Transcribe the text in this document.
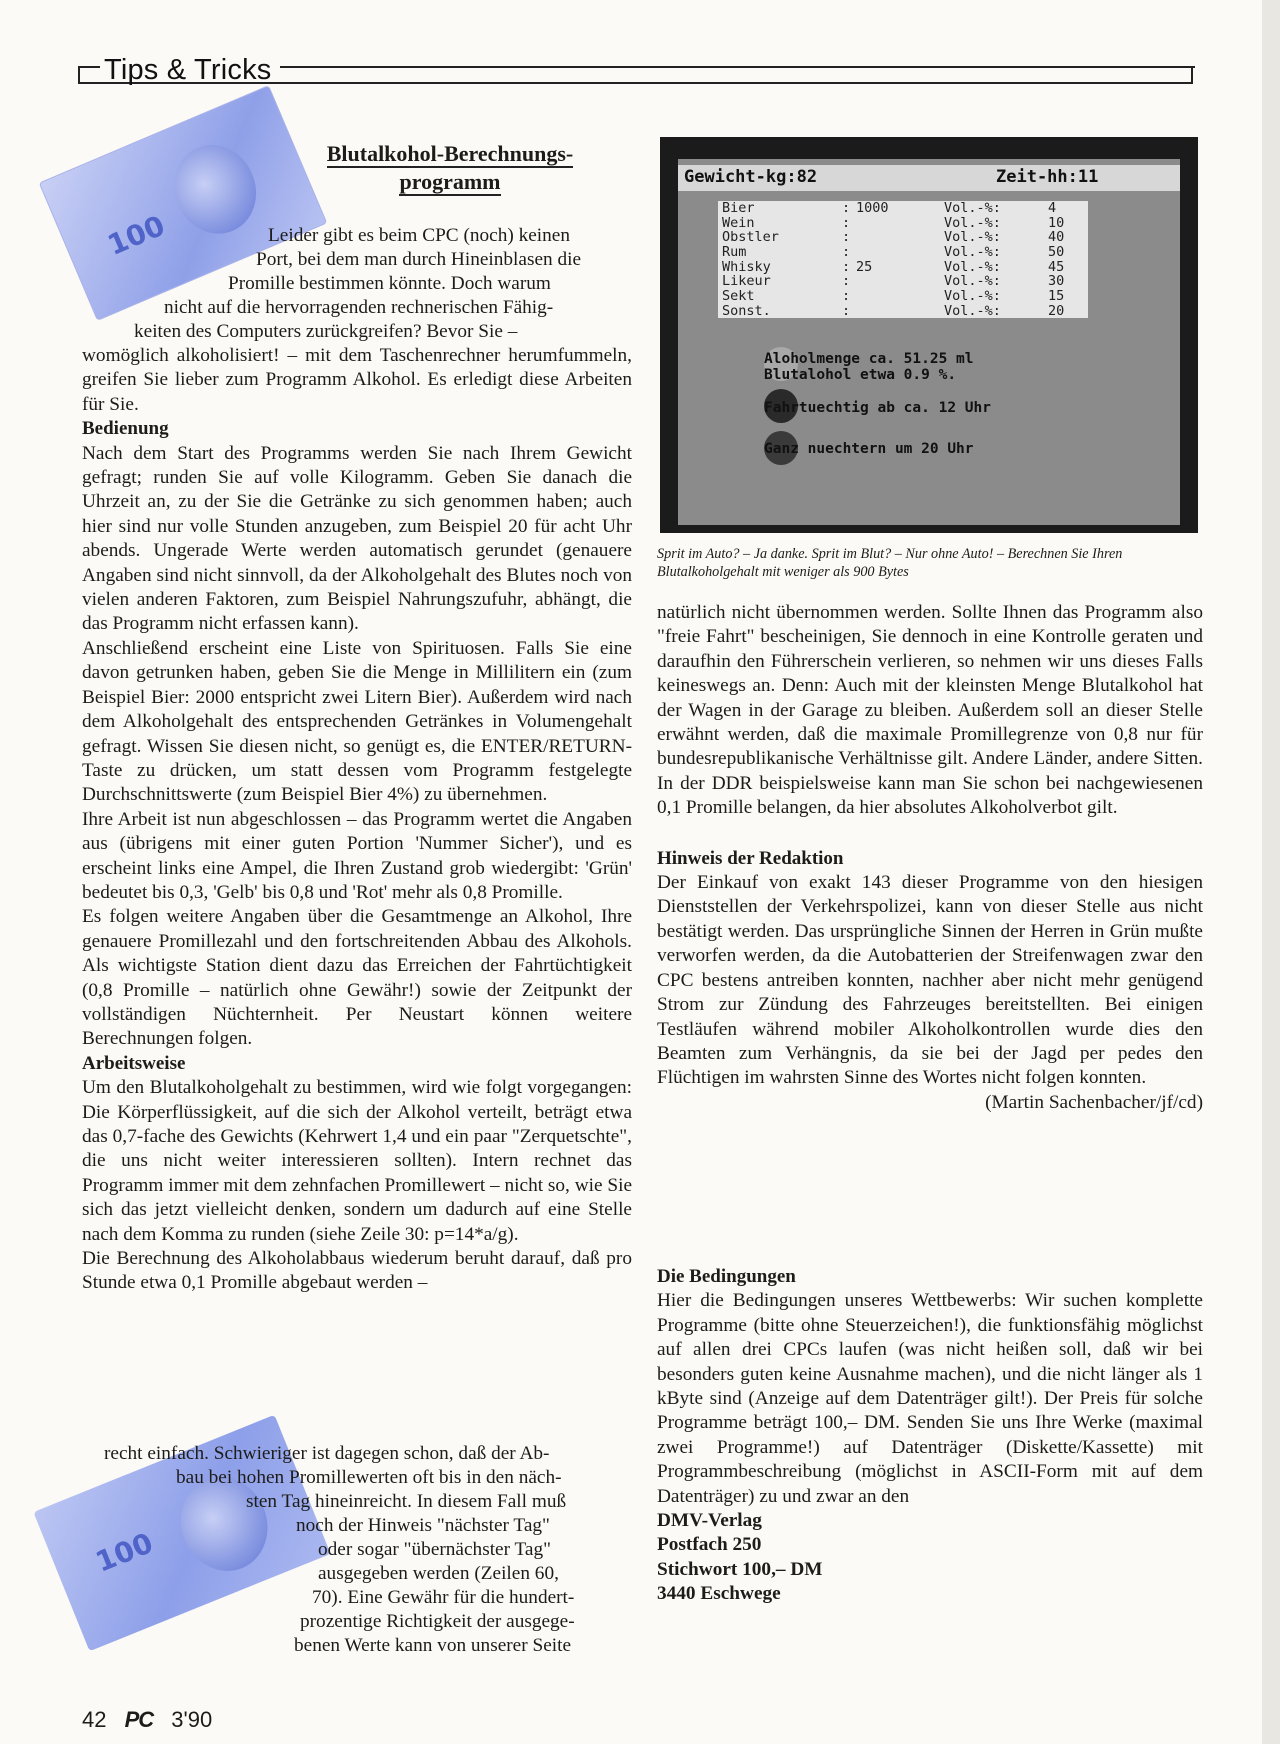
Tips & Tricks
100
100
Blutalkohol-Berechnungs-
programm
Leider gibt es beim CPC (noch) keinen
Port, bei dem man durch Hineinblasen die
Promille bestimmen könnte. Doch warum
nicht auf die hervorragenden rechnerischen Fähig-
keiten des Computers zurückgreifen? Bevor Sie –

womöglich alkoholisiert! – mit dem Taschenrechner herumfummeln, greifen Sie lieber zum Programm Alkohol. Es erledigt diese Arbeiten für Sie.

Bedienung

Nach dem Start des Programms werden Sie nach Ihrem Gewicht gefragt; runden Sie auf volle Kilogramm. Geben Sie danach die Uhrzeit an, zu der Sie die Getränke zu sich genommen haben; auch hier sind nur volle Stunden anzugeben, zum Beispiel 20 für acht Uhr abends. Ungerade Werte werden automatisch gerundet (genauere Angaben sind nicht sinnvoll, da der Alkoholgehalt des Blutes noch von vielen anderen Faktoren, zum Beispiel Nahrungszufuhr, abhängt, die das Programm nicht erfassen kann).

Anschließend erscheint eine Liste von Spirituosen. Falls Sie eine davon getrunken haben, geben Sie die Menge in Millilitern ein (zum Beispiel Bier: 2000 entspricht zwei Litern Bier). Außerdem wird nach dem Alkoholgehalt des entsprechenden Getränkes in Volumengehalt gefragt. Wissen Sie diesen nicht, so genügt es, die ENTER/RETURN-Taste zu drücken, um statt dessen vom Programm festgelegte Durchschnittswerte (zum Beispiel Bier 4%) zu übernehmen.

Ihre Arbeit ist nun abgeschlossen – das Programm wertet die Angaben aus (übrigens mit einer guten Portion 'Nummer Sicher'), und es erscheint links eine Ampel, die Ihren Zustand grob wiedergibt: 'Grün' bedeutet bis 0,3, 'Gelb' bis 0,8 und 'Rot' mehr als 0,8 Promille.

Es folgen weitere Angaben über die Gesamtmenge an Alkohol, Ihre genauere Promillezahl und den fortschreitenden Abbau des Alkohols. Als wichtigste Station dient dazu das Erreichen der Fahrtüchtigkeit (0,8 Promille – natürlich ohne Gewähr!) sowie der Zeitpunkt der vollständigen Nüchternheit. Per Neustart können weitere Berechnungen folgen.

Arbeitsweise

Um den Blutalkoholgehalt zu bestimmen, wird wie folgt vorgegangen: Die Körperflüssigkeit, auf die sich der Alkohol verteilt, beträgt etwa das 0,7-fache des Gewichts (Kehrwert 1,4 und ein paar "Zerquetschte", die uns nicht weiter interessieren sollten). Intern rechnet das Programm immer mit dem zehnfachen Promillewert – nicht so, wie Sie sich das jetzt vielleicht denken, sondern um dadurch auf eine Stelle nach dem Komma zu runden (siehe Zeile 30: p=14*a/g).

Die Berechnung des Alkoholabbaus wiederum beruht darauf, daß pro Stunde etwa 0,1 Promille abgebaut werden –

recht einfach. Schwieriger ist dagegen schon, daß der Ab-
bau bei hohen Promillewerten oft bis in den näch-
sten Tag hineinreicht. In diesem Fall muß
noch der Hinweis "nächster Tag"
oder sogar "übernächster Tag"
ausgegeben werden (Zeilen 60,
70). Eine Gewähr für die hundert-
prozentige Richtigkeit der ausgege-
benen Werte kann von unserer Seite
Gewicht-kg:82	Zeit-hh:11
Bier	: 1000	Vol.-%:	4
Wein	:	Vol.-%:	10
Obstler	:	Vol.-%:	40
Rum	:	Vol.-%:	50
Whisky	: 25	Vol.-%:	45
Likeur	:	Vol.-%:	30
Sekt	:	Vol.-%:	15
Sonst.	:	Vol.-%:	20
Aloholmenge ca. 51.25 ml
Blutalohol etwa 0.9 %.
Fahrtuechtig ab ca. 12 Uhr
Ganz nuechtern um 20 Uhr
Sprit im Auto? – Ja danke. Sprit im Blut? – Nur ohne Auto! – Berechnen Sie Ihren Blutalkoholgehalt mit weniger als 900 Bytes

natürlich nicht übernommen werden. Sollte Ihnen das Programm also "freie Fahrt" bescheinigen, Sie dennoch in eine Kontrolle geraten und daraufhin den Führerschein verlieren, so nehmen wir uns dieses Falls keineswegs an. Denn: Auch mit der kleinsten Menge Blutalkohol hat der Wagen in der Garage zu bleiben. Außerdem soll an dieser Stelle erwähnt werden, daß die maximale Promillegrenze von 0,8 nur für bundesrepublikanische Verhältnisse gilt. Andere Länder, andere Sitten. In der DDR beispielsweise kann man Sie schon bei nachgewiesenen 0,1 Promille belangen, da hier absolutes Alkoholverbot gilt.

Hinweis der Redaktion

Der Einkauf von exakt 143 dieser Programme von den hiesigen Dienststellen der Verkehrspolizei, kann von dieser Stelle aus nicht bestätigt werden. Das ursprüngliche Sinnen der Herren in Grün mußte verworfen werden, da die Autobatterien der Streifenwagen zwar den CPC bestens antreiben konnten, nachher aber nicht mehr genügend Strom zur Zündung des Fahrzeuges bereitstellten. Bei einigen Testläufen während mobiler Alkoholkontrollen wurde dies den Beamten zum Verhängnis, da sie bei der Jagd per pedes den Flüchtigen im wahrsten Sinne des Wortes nicht folgen konnten.

(Martin Sachenbacher/jf/cd)

Die Bedingungen

Hier die Bedingungen unseres Wettbewerbs: Wir suchen komplette Programme (bitte ohne Steuerzeichen!), die funktionsfähig möglichst auf allen drei CPCs laufen (was nicht heißen soll, daß wir bei besonders guten keine Ausnahme machen), und die nicht länger als 1 kByte sind (Anzeige auf dem Datenträger gilt!). Der Preis für solche Programme beträgt 100,– DM. Senden Sie uns Ihre Werke (maximal zwei Programme!) auf Datenträger (Diskette/Kassette) mit Programmbeschreibung (möglichst in ASCII-Form mit auf dem Datenträger) zu und zwar an den

DMV-Verlag

Postfach 250

Stichwort 100,– DM

3440 Eschwege

42 PC 3'90
